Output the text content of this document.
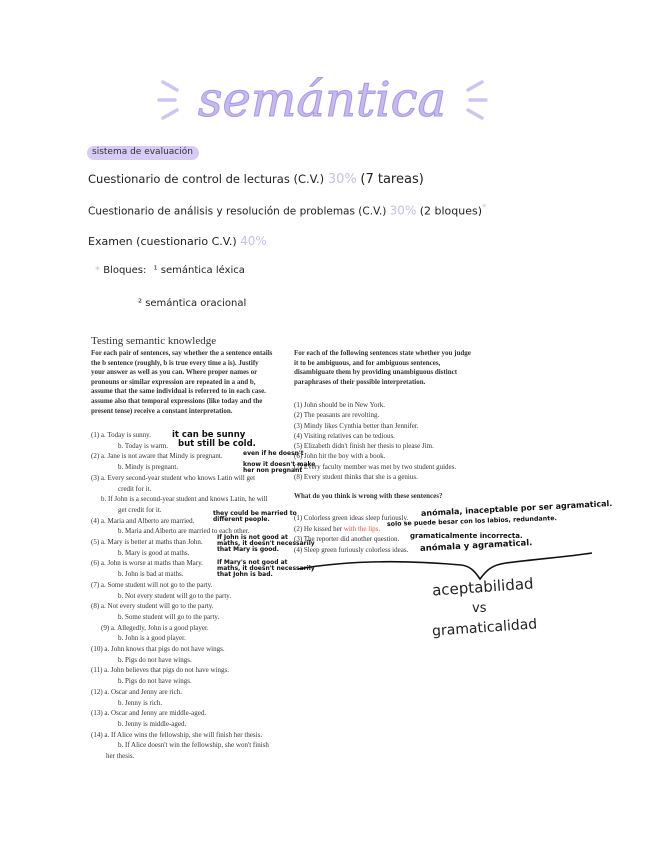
semántica
sistema de evaluación
Cuestionario de control de lecturas (C.V.) 30% (7 tareas)
Cuestionario de análisis y resolución de problemas (C.V.) 30% (2 bloques)*
Examen (cuestionario C.V.) 40%
* Bloques: ¹ semántica léxica
² semántica oracional
Testing semantic knowledge
For each pair of sentences, say whether the a sentence entails
the b sentence (roughly, b is true every time a is). Justify
your answer as well as you can. Where proper names or
pronouns or similar expression are repeated in a and b,
assume that the same individual is referred to in each case.
assume also that temporal expressions (like today and the
present tense) receive a constant interpretation.
For each of the following sentences state whether you judge
it to be ambiguous, and for ambiguous sentences,
disambiguate them by providing unambiguous distinct
paraphrases of their possible interpretation.
(1) a. Today is sunny.
b. Today is warm.
(2) a. Jane is not aware that Mindy is pregnant.
b. Mindy is pregnant.
(3) a. Every second-year student who knows Latin will get
credit for it.
b. If John is a second-year student and knows Latin, he will
get credit for it.
(4) a. Maria and Alberto are married.
b. Maria and Alberto are married to each other.
(5) a. Mary is better at maths than John.
b. Mary is good at maths.
(6) a. John is worse at maths than Mary.
b. John is bad at maths.
(7) a. Some student will not go to the party.
b. Not every student will go to the party.
(8) a. Not every student will go to the party.
b. Some student will go to the party.
(9) a. Allegedly, John is a good player.
b. John is a good player.
(10) a. John knows that pigs do not have wings.
b. Pigs do not have wings.
(11) a. John believes that pigs do not have wings.
b. Pigs do not have wings.
(12) a. Oscar and Jenny are rich.
b. Jenny is rich.
(13) a. Oscar and Jenny are middle-aged.
b. Jenny is middle-aged.
(14) a. If Alice wins the fellowship, she will finish her thesis.
b. If Alice doesn't win the fellowship, she won't finish
her thesis.
it can be sunny
but still be cold.
even if he doesn't
know it doesn't make
her non pregnant
they could be married to
different people.
If John is not good at
maths, it doesn't necessarily
that Mary is good.
If Mary's not good at
maths, it doesn't necessarily
that John is bad.
(1) John should be in New York.
(2) The peasants are revolting.
(3) Mindy likes Cynthia better than Jennifer.
(4) Visiting relatives can be tedious.
(5) Elizabeth didn't finish her thesis to please Jim.
(6) John hit the boy with a book.
(7) Every faculty member was met by two student guides.
(8) Every student thinks that she is a genius.
What do you think is wrong with these sentences?
(1) Colorless green ideas sleep furiously.
(2) He kissed her with the lips.
(3) The reporter did another question.
(4) Sleep green furiously colorless ideas.
anómala, inaceptable por ser agramatical.
solo se puede besar con los labios, redundante.
gramaticalmente incorrecta.
anómala y agramatical.
aceptabilidad
vs
gramaticalidad
